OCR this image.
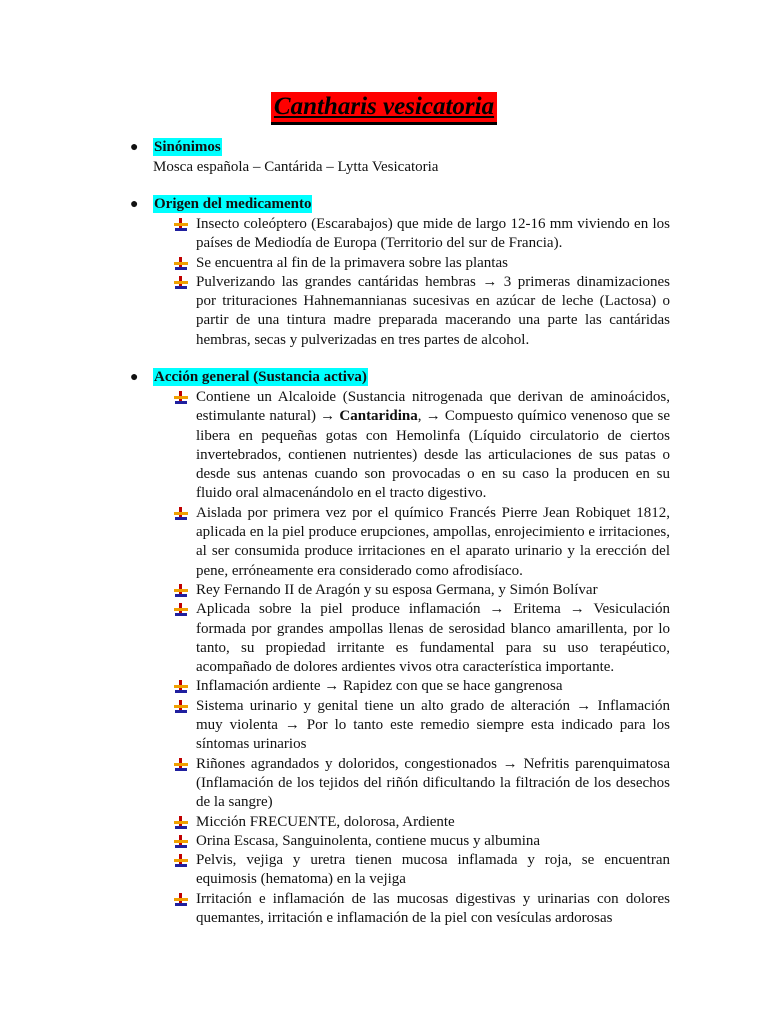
Cantharis vesicatoria
● Sinónimos
Mosca española – Cantárida – Lytta Vesicatoria
● Origen del medicamento
Insecto coleóptero (Escarabajos) que mide de largo 12-16 mm viviendo en los países de Mediodía de Europa (Territorio del sur de Francia).
Se encuentra al fin de la primavera sobre las plantas
Pulverizando las grandes cantáridas hembras → 3 primeras dinamizaciones por trituraciones Hahnemannianas sucesivas en azúcar de leche (Lactosa) o partir de una tintura madre preparada macerando una parte las cantáridas hembras, secas y pulverizadas en tres partes de alcohol.
● Acción general (Sustancia activa)
Contiene un Alcaloide (Sustancia nitrogenada que derivan de aminoácidos, estimulante natural) → Cantaridina, → Compuesto químico venenoso que se libera en pequeñas gotas con Hemolinfa (Líquido circulatorio de ciertos invertebrados, contienen nutrientes) desde las articulaciones de sus patas o desde sus antenas cuando son provocadas o en su caso la producen en su fluido oral almacenándolo en el tracto digestivo.
Aislada por primera vez por el químico Francés Pierre Jean Robiquet 1812, aplicada en la piel produce erupciones, ampollas, enrojecimiento e irritaciones, al ser consumida produce irritaciones en el aparato urinario y la erección del pene, erróneamente era considerado como afrodisíaco.
Rey Fernando II de Aragón y su esposa Germana, y Simón Bolívar
Aplicada sobre la piel produce inflamación → Eritema → Vesiculación formada por grandes ampollas llenas de serosidad blanco amarillenta, por lo tanto, su propiedad irritante es fundamental para su uso terapéutico, acompañado de dolores ardientes vivos otra característica importante.
Inflamación ardiente → Rapidez con que se hace gangrenosa
Sistema urinario y genital tiene un alto grado de alteración → Inflamación muy violenta → Por lo tanto este remedio siempre esta indicado para los síntomas urinarios
Riñones agrandados y doloridos, congestionados → Nefritis parenquimatosa (Inflamación de los tejidos del riñón dificultando la filtración de los desechos de la sangre)
Micción FRECUENTE, dolorosa, Ardiente
Orina Escasa, Sanguinolenta, contiene mucus y albumina
Pelvis, vejiga y uretra tienen mucosa inflamada y roja, se encuentran equimosis (hematoma) en la vejiga
Irritación e inflamación de las mucosas digestivas y urinarias con dolores quemantes, irritación e inflamación de la piel con vesículas ardorosas
